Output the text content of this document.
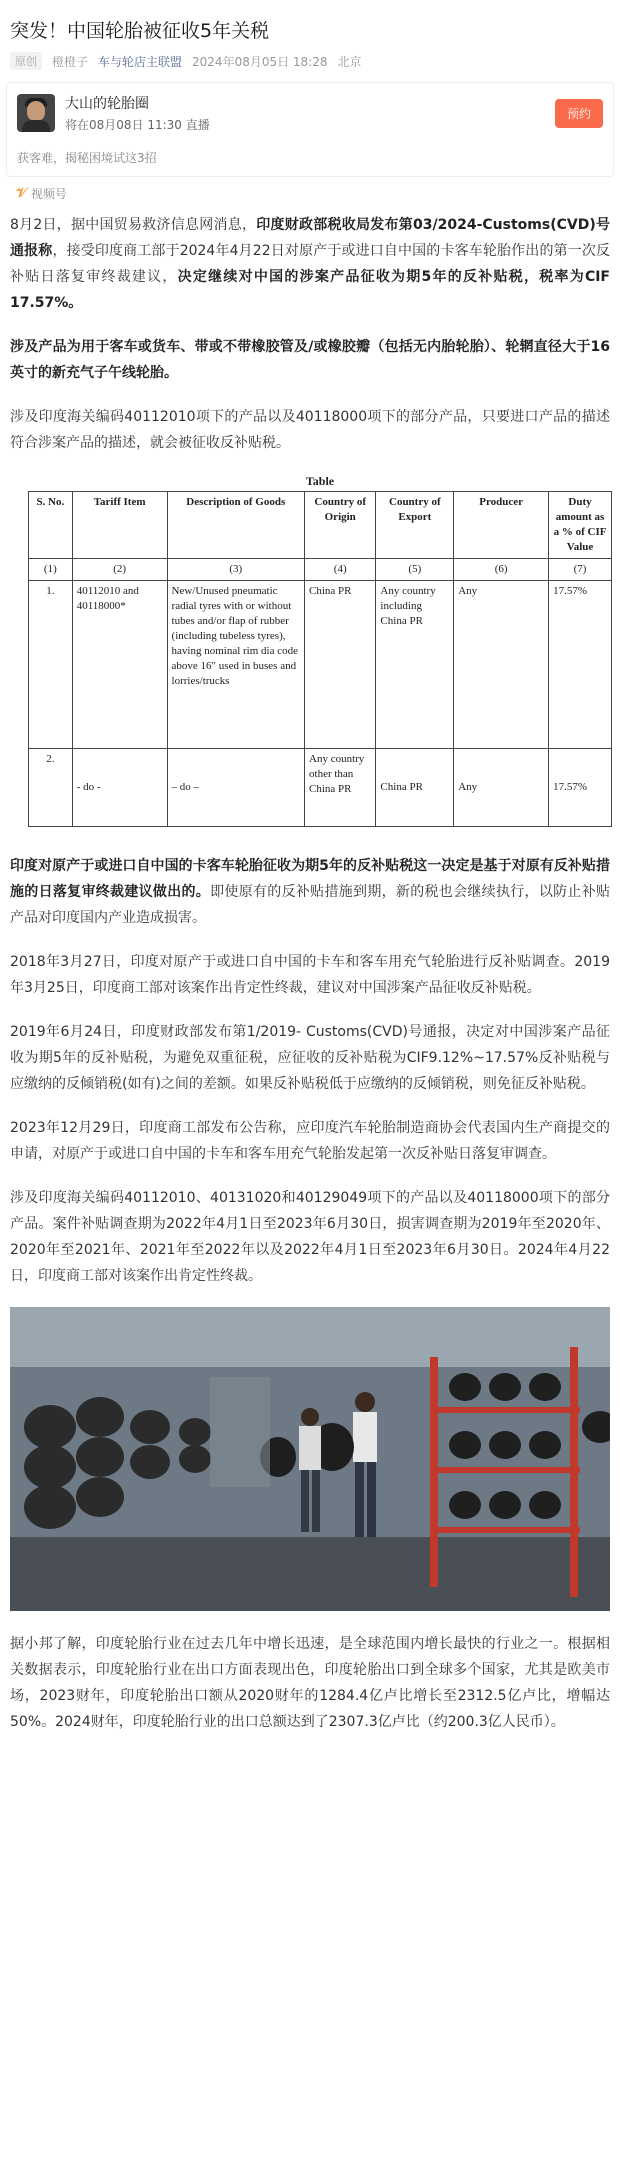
突发！中国轮胎被征收5年关税
原创	橙橙子 车与轮店主联盟 2024年08月05日 18:28 北京
大山的轮胎圈
将在08月08日 11:30 直播
预约
获客难，揭秘困境试这3招
𝒱 视频号

8月2日，据中国贸易救济信息网消息，印度财政部税收局发布第03/2024-Customs(CVD)号通报称，接受印度商工部于2024年4月22日对原产于或进口自中国的卡客车轮胎作出的第一次反补贴日落复审终裁建议，决定继续对中国的涉案产品征收为期5年的反补贴税，税率为CIF 17.57%。

涉及产品为用于客车或货车、带或不带橡胶管及/或橡胶瓣（包括无内胎轮胎）、轮辋直径大于16英寸的新充气子午线轮胎。

涉及印度海关编码40112010项下的产品以及40118000项下的部分产品，只要进口产品的描述符合涉案产品的描述，就会被征收反补贴税。

Table
S. No.	Tariff Item	Description of Goods	Country of Origin	Country of Export	Producer	Duty amount as a % of CIF Value
(1)	(2)	(3)	(4)	(5)	(6)	(7)
1.	40112010 and 40118000*	New/Unused pneumatic radial tyres with or without tubes and/or flap of rubber (including tubeless tyres), having nominal rim dia code above 16" used in buses and lorries/trucks	China PR	Any country including China PR	Any	17.57%
2.	- do -	– do –	Any country other than China PR	China PR	Any	17.57%

印度对原产于或进口自中国的卡客车轮胎征收为期5年的反补贴税这一决定是基于对原有反补贴措施的日落复审终裁建议做出的。即使原有的反补贴措施到期，新的税也会继续执行，以防止补贴产品对印度国内产业造成损害。

2018年3月27日，印度对原产于或进口自中国的卡车和客车用充气轮胎进行反补贴调查。2019年3月25日，印度商工部对该案作出肯定性终裁，建议对中国涉案产品征收反补贴税。

2019年6月24日，印度财政部发布第1/2019- Customs(CVD)号通报，决定对中国涉案产品征收为期5年的反补贴税，为避免双重征税，应征收的反补贴税为CIF9.12%~17.57%反补贴税与应缴纳的反倾销税(如有)之间的差额。如果反补贴税低于应缴纳的反倾销税，则免征反补贴税。

2023年12月29日，印度商工部发布公告称，应印度汽车轮胎制造商协会代表国内生产商提交的申请，对原产于或进口自中国的卡车和客车用充气轮胎发起第一次反补贴日落复审调查。

涉及印度海关编码40112010、40131020和40129049项下的产品以及40118000项下的部分产品。案件补贴调查期为2022年4月1日至2023年6月30日，损害调查期为2019年至2020年、2020年至2021年、2021年至2022年以及2022年4月1日至2023年6月30日。2024年4月22日，印度商工部对该案作出肯定性终裁。

据小邦了解，印度轮胎行业在过去几年中增长迅速，是全球范围内增长最快的行业之一。根据相关数据表示，印度轮胎行业在出口方面表现出色，印度轮胎出口到全球多个国家，尤其是欧美市场，2023财年，印度轮胎出口额从2020财年的1284.4亿卢比增长至2312.5亿卢比，增幅达50%。2024财年，印度轮胎行业的出口总额达到了2307.3亿卢比（约200.3亿人民币）。
